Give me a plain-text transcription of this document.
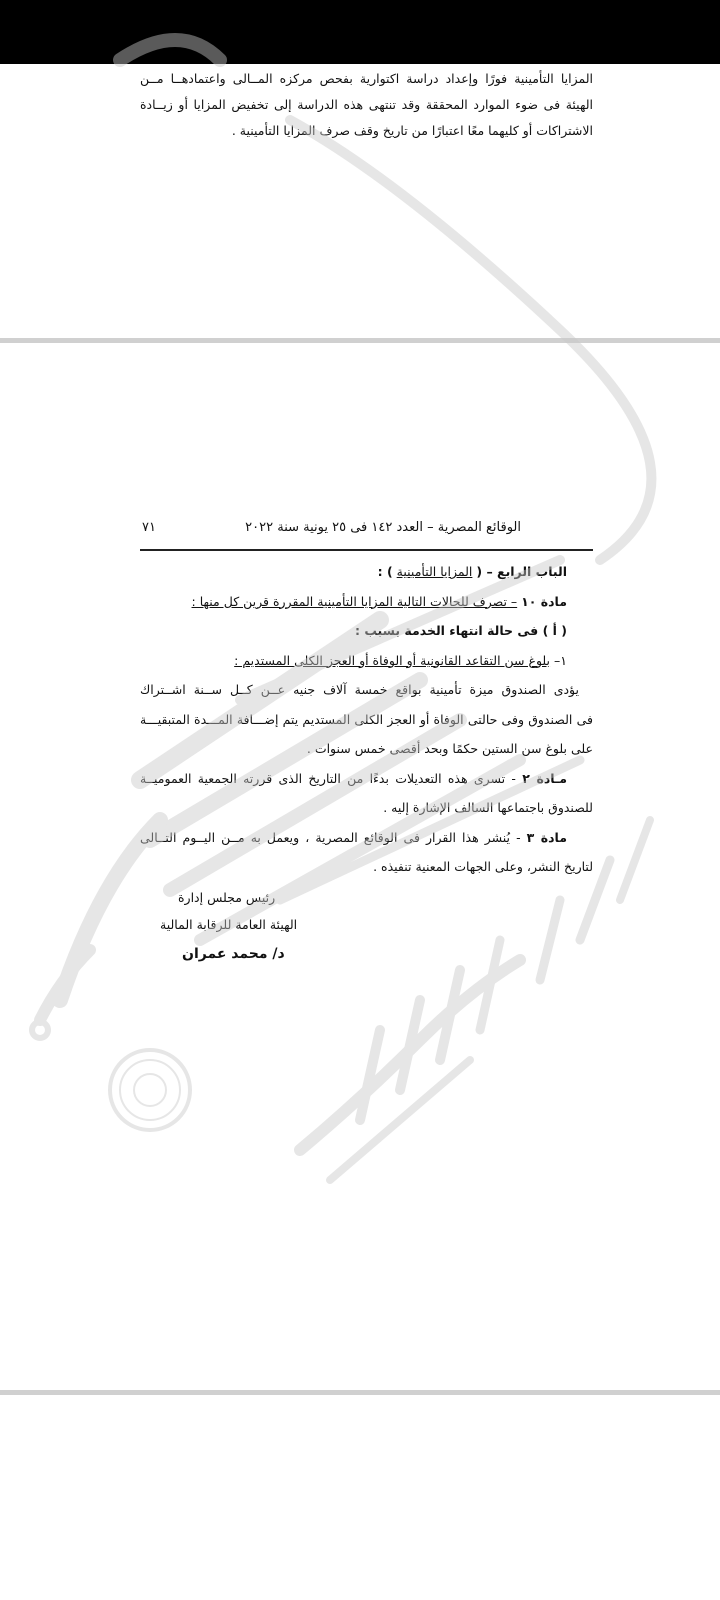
المزايا التأمينية فورًا وإعداد دراسة اكتوارية بفحص مركزه المــالى واعتمادهــا مــن
الهيئة فى ضوء الموارد المحققة وقد تنتهى هذه الدراسة إلى تخفيض المزايا أو زيــادة
الاشتراكات أو كليهما معًا اعتبارًا من تاريخ وقف صرف المزايا التأمينية .
الوقائع المصرية – العدد ١٤٢ فى ٢٥ يونية سنة ٢٠٢٢
٧١
الباب الرابع – ( المزايا التأمينية ) :
مادة ١٠ – تصرف للحالات التالية المزايا التأمينية المقررة قرين كل منها :
( أ ) فى حالة انتهاء الخدمة بسبب :
١– بلوغ سن التقاعد القانونية أو الوفاة أو العجز الكلى المستديم :
يؤدى الصندوق ميزة تأمينية بواقع خمسة آلاف جنيه عــن كــل ســنة اشــتراك
فى الصندوق وفى حالتى الوفاة أو العجز الكلى المستديم يتم إضـــافة المـــدة المتبقيـــة
على بلوغ سن الستين حكمًا وبحد أقصى خمس سنوات .
مـادة ٢ - تسرى هذه التعديلات بدءًا من التاريخ الذى قررته الجمعية العموميــة
للصندوق باجتماعها السالف الإشارة إليه .
مادة ٣ - يُنشر هذا القرار فى الوقائع المصرية ، ويعمل به مــن اليــوم التــالى
لتاريخ النشر، وعلى الجهات المعنية تنفيذه .
رئيس مجلس إدارة
الهيئة العامة للرقابة المالية
د/ محمد عمران
